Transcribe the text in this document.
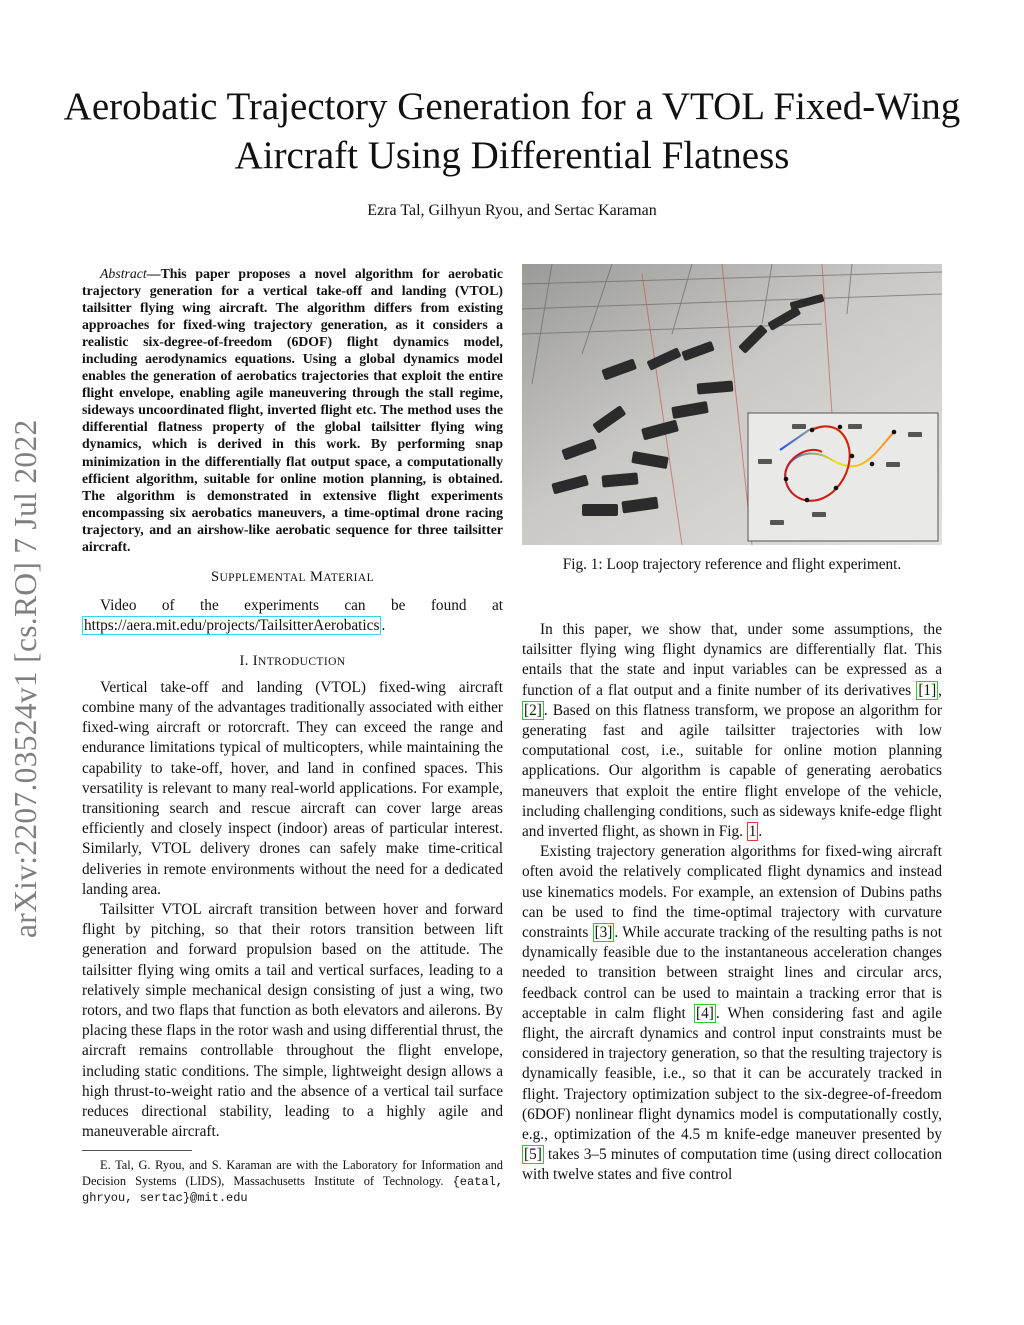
arXiv:2207.03524v1 [cs.RO] 7 Jul 2022
Aerobatic Trajectory Generation for a VTOL Fixed-Wing Aircraft Using Differential Flatness
Ezra Tal, Gilhyun Ryou, and Sertac Karaman

Abstract—This paper proposes a novel algorithm for aerobatic trajectory generation for a vertical take-off and landing (VTOL) tailsitter flying wing aircraft. The algorithm differs from existing approaches for fixed-wing trajectory generation, as it considers a realistic six-degree-of-freedom (6DOF) flight dynamics model, including aerodynamics equations. Using a global dynamics model enables the generation of aerobatics trajectories that exploit the entire flight envelope, enabling agile maneuvering through the stall regime, sideways uncoordinated flight, inverted flight etc. The method uses the differential flatness property of the global tailsitter flying wing dynamics, which is derived in this work. By performing snap minimization in the differentially flat output space, a computationally efficient algorithm, suitable for online motion planning, is obtained. The algorithm is demonstrated in extensive flight experiments encompassing six aerobatics maneuvers, a time-optimal drone racing trajectory, and an airshow-like aerobatic sequence for three tailsitter aircraft.

SUPPLEMENTAL MATERIAL

Video of the experiments can be found at https://aera.mit.edu/projects/TailsitterAerobatics .

I. INTRODUCTION

Vertical take-off and landing (VTOL) fixed-wing aircraft combine many of the advantages traditionally associated with either fixed-wing aircraft or rotorcraft. They can exceed the range and endurance limitations typical of multicopters, while maintaining the capability to take-off, hover, and land in confined spaces. This versatility is relevant to many real-world applications. For example, transitioning search and rescue aircraft can cover large areas efficiently and closely inspect (indoor) areas of particular interest. Similarly, VTOL delivery drones can safely make time-critical deliveries in remote environments without the need for a dedicated landing area.

Tailsitter VTOL aircraft transition between hover and forward flight by pitching, so that their rotors transition between lift generation and forward propulsion based on the attitude. The tailsitter flying wing omits a tail and vertical surfaces, leading to a relatively simple mechanical design consisting of just a wing, two rotors, and two flaps that function as both elevators and ailerons. By placing these flaps in the rotor wash and using differential thrust, the aircraft remains controllable throughout the flight envelope, including static conditions. The simple, lightweight design allows a high thrust-to-weight ratio and the absence of a vertical tail surface reduces directional stability, leading to a highly agile and maneuverable aircraft.

E. Tal, G. Ryou, and S. Karaman are with the Laboratory for Information and Decision Systems (LIDS), Massachusetts Institute of Technology. {eatal, ghryou, sertac}@mit.edu

Fig. 1: Loop trajectory reference and flight experiment.

In this paper, we show that, under some assumptions, the tailsitter flying wing flight dynamics are differentially flat. This entails that the state and input variables can be expressed as a function of a flat output and a finite number of its derivatives [1] , [2] . Based on this flatness transform, we propose an algorithm for generating fast and agile tailsitter trajectories with low computational cost, i.e., suitable for online motion planning applications. Our algorithm is capable of generating aerobatics maneuvers that exploit the entire flight envelope of the vehicle, including challenging conditions, such as sideways knife-edge flight and inverted flight, as shown in Fig. 1 .

Existing trajectory generation algorithms for fixed-wing aircraft often avoid the relatively complicated flight dynamics and instead use kinematics models. For example, an extension of Dubins paths can be used to find the time-optimal trajectory with curvature constraints [3] . While accurate tracking of the resulting paths is not dynamically feasible due to the instantaneous acceleration changes needed to transition between straight lines and circular arcs, feedback control can be used to maintain a tracking error that is acceptable in calm flight [4] . When considering fast and agile flight, the aircraft dynamics and control input constraints must be considered in trajectory generation, so that the resulting trajectory is dynamically feasible, i.e., so that it can be accurately tracked in flight. Trajectory optimization subject to the six-degree-of-freedom (6DOF) nonlinear flight dynamics model is computationally costly, e.g., optimization of the 4.5 m knife-edge maneuver presented by [5] takes 3–5 minutes of computation time (using direct collocation with twelve states and five control
